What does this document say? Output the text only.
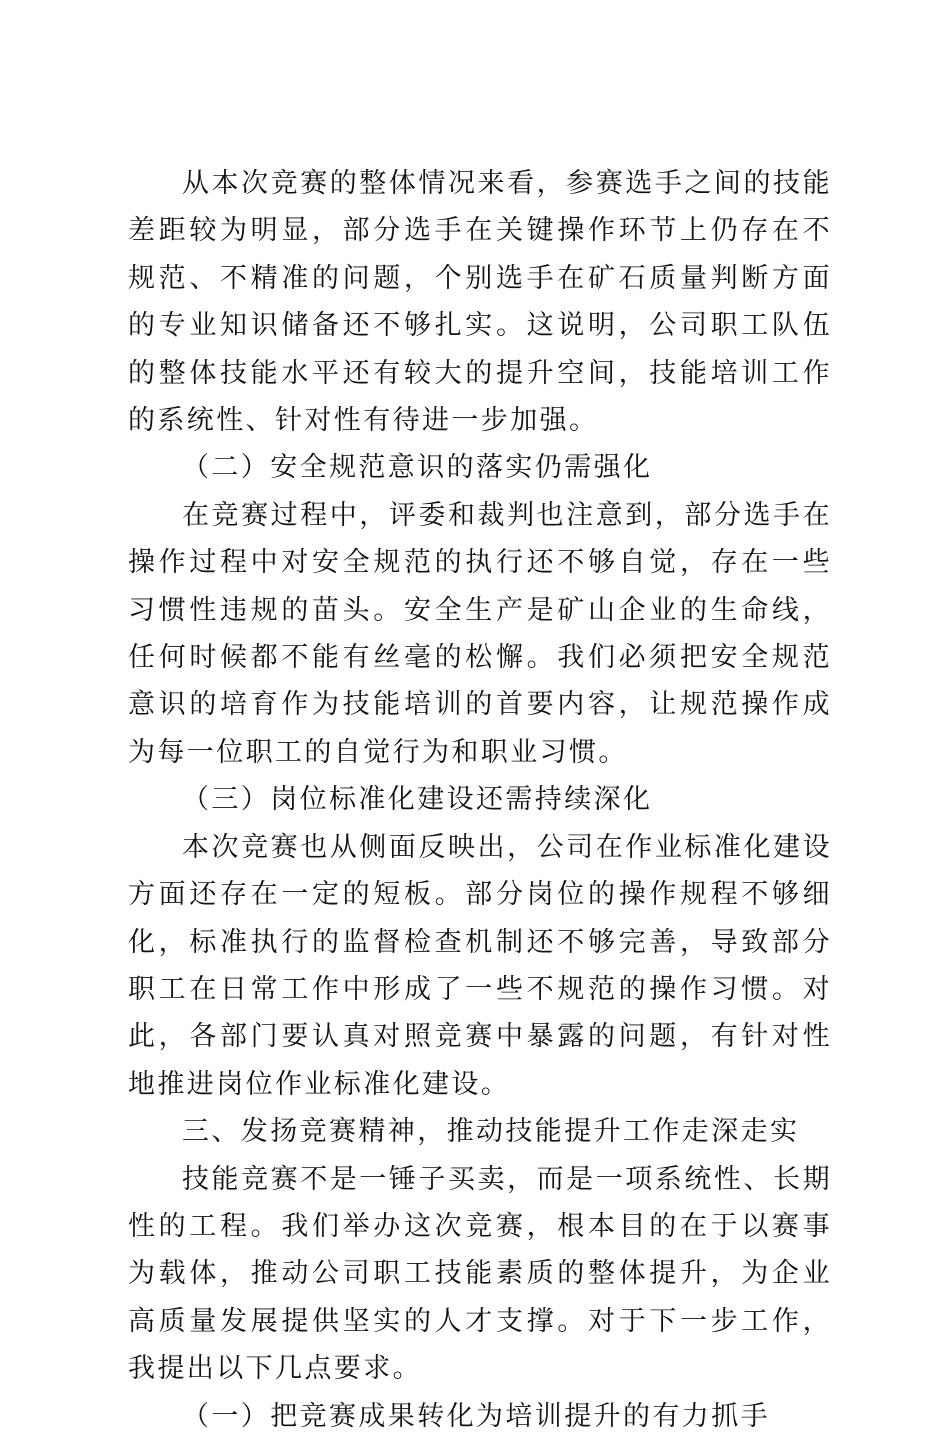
从本次竞赛的整体情况来看，参赛选手之间的技能差距较为明显，部分选手在关键操作环节上仍存在不规范、不精准的问题，个别选手在矿石质量判断方面的专业知识储备还不够扎实。这说明，公司职工队伍的整体技能水平还有较大的提升空间，技能培训工作的系统性、针对性有待进一步加强。

（二）安全规范意识的落实仍需强化

在竞赛过程中，评委和裁判也注意到，部分选手在操作过程中对安全规范的执行还不够自觉，存在一些习惯性违规的苗头。安全生产是矿山企业的生命线，任何时候都不能有丝毫的松懈。我们必须把安全规范意识的培育作为技能培训的首要内容，让规范操作成为每一位职工的自觉行为和职业习惯。

（三）岗位标准化建设还需持续深化

本次竞赛也从侧面反映出，公司在作业标准化建设方面还存在一定的短板。部分岗位的操作规程不够细化，标准执行的监督检查机制还不够完善，导致部分职工在日常工作中形成了一些不规范的操作习惯。对此，各部门要认真对照竞赛中暴露的问题，有针对性地推进岗位作业标准化建设。

三、发扬竞赛精神，推动技能提升工作走深走实

技能竞赛不是一锤子买卖，而是一项系统性、长期性的工程。我们举办这次竞赛，根本目的在于以赛事为载体，推动公司职工技能素质的整体提升，为企业高质量发展提供坚实的人才支撑。对于下一步工作，我提出以下几点要求。

（一）把竞赛成果转化为培训提升的有力抓手
